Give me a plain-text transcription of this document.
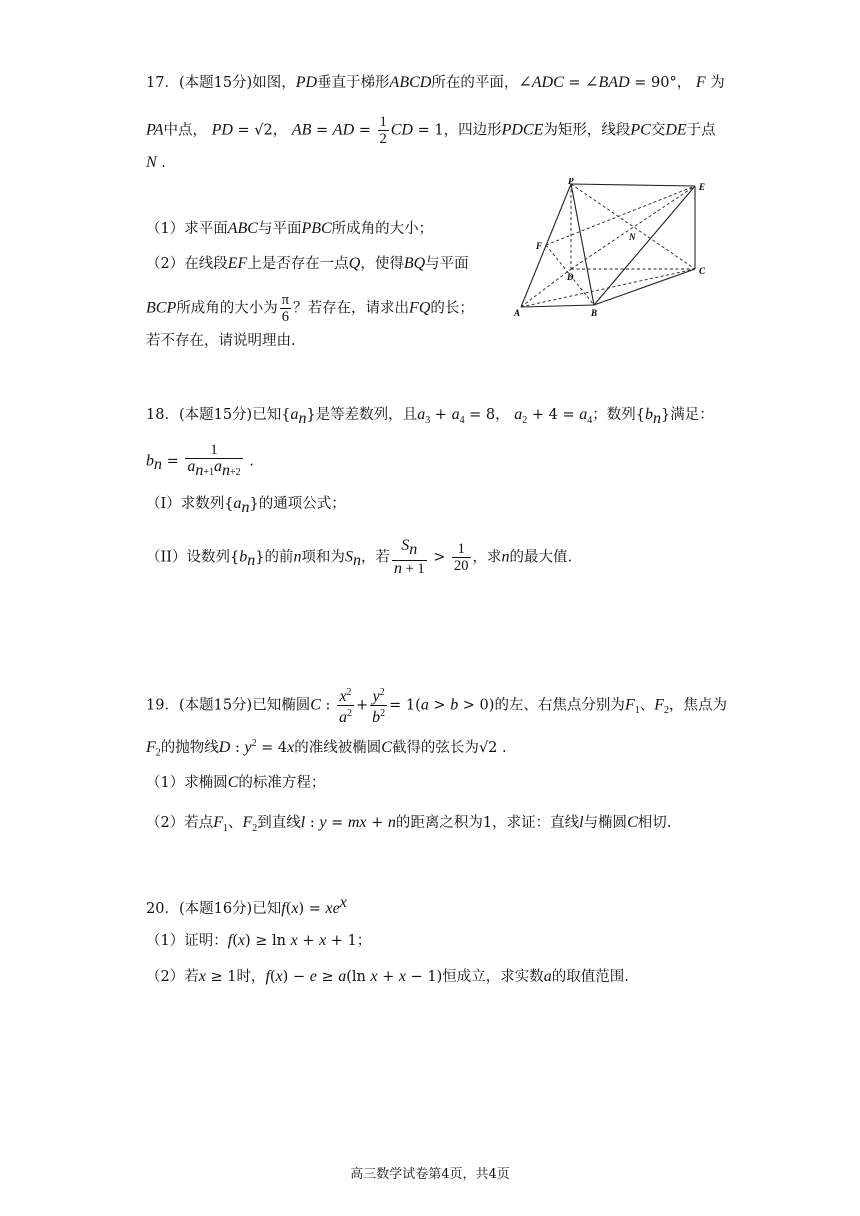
17．(本题15分)如图，PD垂直于梯形ABCD所在的平面，∠ADC = ∠BAD = 90°， F 为
PA中点， PD = √2， AB = AD = $\frac{1}{2}$ CD = 1，四边形PDCE为矩形，线段PC交DE于点
N .
（1）求平面ABC与平面PBC所成角的大小；
（2）在线段EF上是否存在一点Q，使得BQ与平面
BCP所成角的大小为 $\frac{\pi}{6}$ ？若存在，请求出FQ的长；
若不存在，请说明理由.
P
E
F
N
D
C
A	B
18．(本题15分)已知$\{a_n\}$是等差数列，且$a_3 + a_4 = 8$， $a_2 + 4 = a_4$；数列$\{b_n\}$满足：
$b_n = \frac{1}{a_{n+1}a_{n+2}}$ .
（I）求数列$\{a_n\}$的通项公式；
（II）设数列$\{b_n\}$的前n项和为$S_n$，若 $\frac{S_n}{n + 1} > \frac{1}{20}$ ，求n的最大值.
19．(本题15分)已知椭圆C : $\frac{x^2}{a^2} + \frac{y^2}{b^2} = 1(a > b > 0)$的左、右焦点分别为$F_1$、$F_2$，焦点为
$F_2$的抛物线D : $y^2 = 4x$的准线被椭圆C截得的弦长为√2 .
（1）求椭圆C的标准方程；
（2）若点$F_1$、$F_2$到直线l : y = mx + n的距离之积为1，求证：直线l与椭圆C相切.
20．(本题16分)已知$f(x) = xe^x$
（1）证明：f(x) ≥ ln x + x + 1；
（2）若x ≥ 1时，f(x) − e ≥ a(ln x + x − 1)恒成立，求实数a的取值范围.
高三数学试卷第4页，共4页
